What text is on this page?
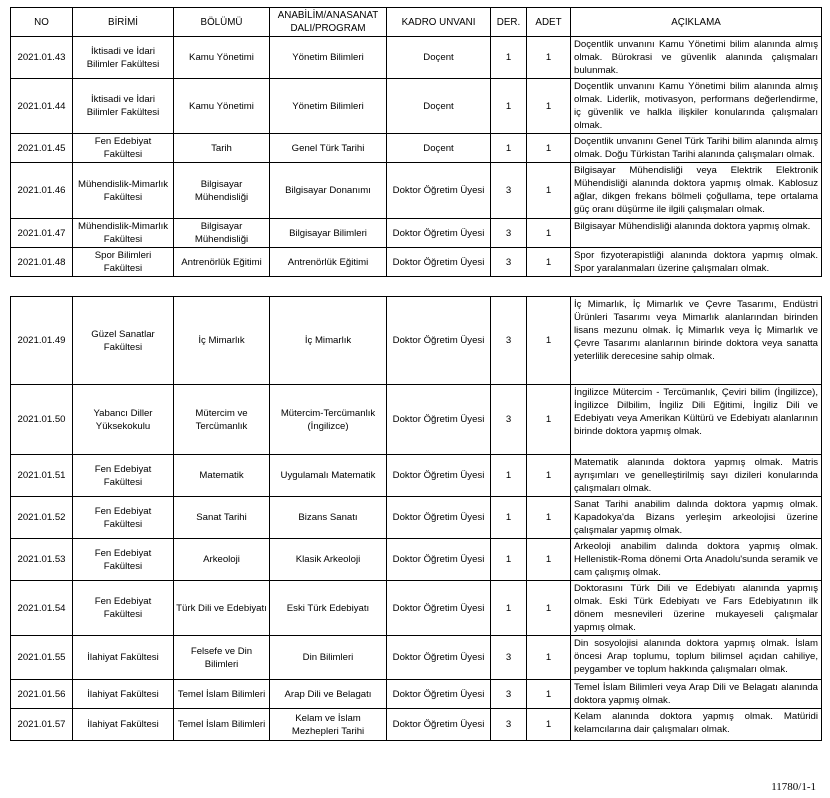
NO	BİRİMİ	BÖLÜMÜ	ANABİLİM/ANASANAT DALI/PROGRAM	KADRO UNVANI	DER.	ADET	AÇIKLAMA
2021.01.43	İktisadi ve İdari Bilimler Fakültesi	Kamu Yönetimi	Yönetim Bilimleri	Doçent	1	1	Doçentlik unvanını Kamu Yönetimi bilim alanında almış olmak. Bürokrasi ve güvenlik alanında çalışmaları bulunmak.
2021.01.44	İktisadi ve İdari Bilimler Fakültesi	Kamu Yönetimi	Yönetim Bilimleri	Doçent	1	1	Doçentlik unvanını Kamu Yönetimi bilim alanında almış olmak. Liderlik, motivasyon, performans değerlendirme, iç güvenlik ve halkla ilişkiler konularında çalışmaları olmak.
2021.01.45	Fen Edebiyat Fakültesi	Tarih	Genel Türk Tarihi	Doçent	1	1	Doçentlik unvanını Genel Türk Tarihi bilim alanında almış olmak. Doğu Türkistan Tarihi alanında çalışmaları olmak.
2021.01.46	Mühendislik-Mimarlık Fakültesi	Bilgisayar Mühendisliği	Bilgisayar Donanımı	Doktor Öğretim Üyesi	3	1	Bilgisayar Mühendisliği veya Elektrik Elektronik Mühendisliği alanında doktora yapmış olmak. Kablosuz ağlar, dikgen frekans bölmeli çoğullama, tepe ortalama güç oranı düşürme ile ilgili çalışmaları olmak.
2021.01.47	Mühendislik-Mimarlık Fakültesi	Bilgisayar Mühendisliği	Bilgisayar Bilimleri	Doktor Öğretim Üyesi	3	1	Bilgisayar Mühendisliği alanında doktora yapmış olmak.
2021.01.48	Spor Bilimleri Fakültesi	Antrenörlük Eğitimi	Antrenörlük Eğitimi	Doktor Öğretim Üyesi	3	1	Spor fizyoterapistliği alanında doktora yapmış olmak. Spor yaralanmaları üzerine çalışmaları olmak.
2021.01.49	Güzel Sanatlar Fakültesi	İç Mimarlık	İç Mimarlık	Doktor Öğretim Üyesi	3	1	İç Mimarlık, İç Mimarlık ve Çevre Tasarımı, Endüstri Ürünleri Tasarımı veya Mimarlık alanlarından birinden lisans mezunu olmak. İç Mimarlık veya İç Mimarlık ve Çevre Tasarımı alanlarının birinde doktora veya sanatta yeterlilik derecesine sahip olmak.
2021.01.50	Yabancı Diller Yüksekokulu	Mütercim ve Tercümanlık	Mütercim-Tercümanlık (İngilizce)	Doktor Öğretim Üyesi	3	1	İngilizce Mütercim - Tercümanlık, Çeviri bilim (İngilizce), İngilizce Dilbilim, İngiliz Dili Eğitimi, İngiliz Dili ve Edebiyatı veya Amerikan Kültürü ve Edebiyatı alanlarının birinde doktora yapmış olmak.
2021.01.51	Fen Edebiyat Fakültesi	Matematik	Uygulamalı Matematik	Doktor Öğretim Üyesi	1	1	Matematik alanında doktora yapmış olmak. Matris ayrışımları ve genelleştirilmiş sayı dizileri konularında çalışmaları olmak.
2021.01.52	Fen Edebiyat Fakültesi	Sanat Tarihi	Bizans Sanatı	Doktor Öğretim Üyesi	1	1	Sanat Tarihi anabilim dalında doktora yapmış olmak. Kapadokya'da Bizans yerleşim arkeolojisi üzerine çalışmalar yapmış olmak.
2021.01.53	Fen Edebiyat Fakültesi	Arkeoloji	Klasik Arkeoloji	Doktor Öğretim Üyesi	1	1	Arkeoloji anabilim dalında doktora yapmış olmak. Hellenistik-Roma dönemi Orta Anadolu'sunda seramik ve cam çalışmış olmak.
2021.01.54	Fen Edebiyat Fakültesi	Türk Dili ve Edebiyatı	Eski Türk Edebiyatı	Doktor Öğretim Üyesi	1	1	Doktorasını Türk Dili ve Edebiyatı alanında yapmış olmak. Eski Türk Edebiyatı ve Fars Edebiyatının ilk dönem mesnevileri üzerine mukayeseli çalışmalar yapmış olmak.
2021.01.55	İlahiyat Fakültesi	Felsefe ve Din Bilimleri	Din Bilimleri	Doktor Öğretim Üyesi	3	1	Din sosyolojisi alanında doktora yapmış olmak. İslam öncesi Arap toplumu, toplum bilimsel açıdan cahiliye, peygamber ve toplum hakkında çalışmaları olmak.
2021.01.56	İlahiyat Fakültesi	Temel İslam Bilimleri	Arap Dili ve Belagatı	Doktor Öğretim Üyesi	3	1	Temel İslam Bilimleri veya Arap Dili ve Belagatı alanında doktora yapmış olmak.
2021.01.57	İlahiyat Fakültesi	Temel İslam Bilimleri	Kelam ve İslam Mezhepleri Tarihi	Doktor Öğretim Üyesi	3	1	Kelam alanında doktora yapmış olmak. Matüridi kelamcılarına dair çalışmaları olmak.
11780/1-1
